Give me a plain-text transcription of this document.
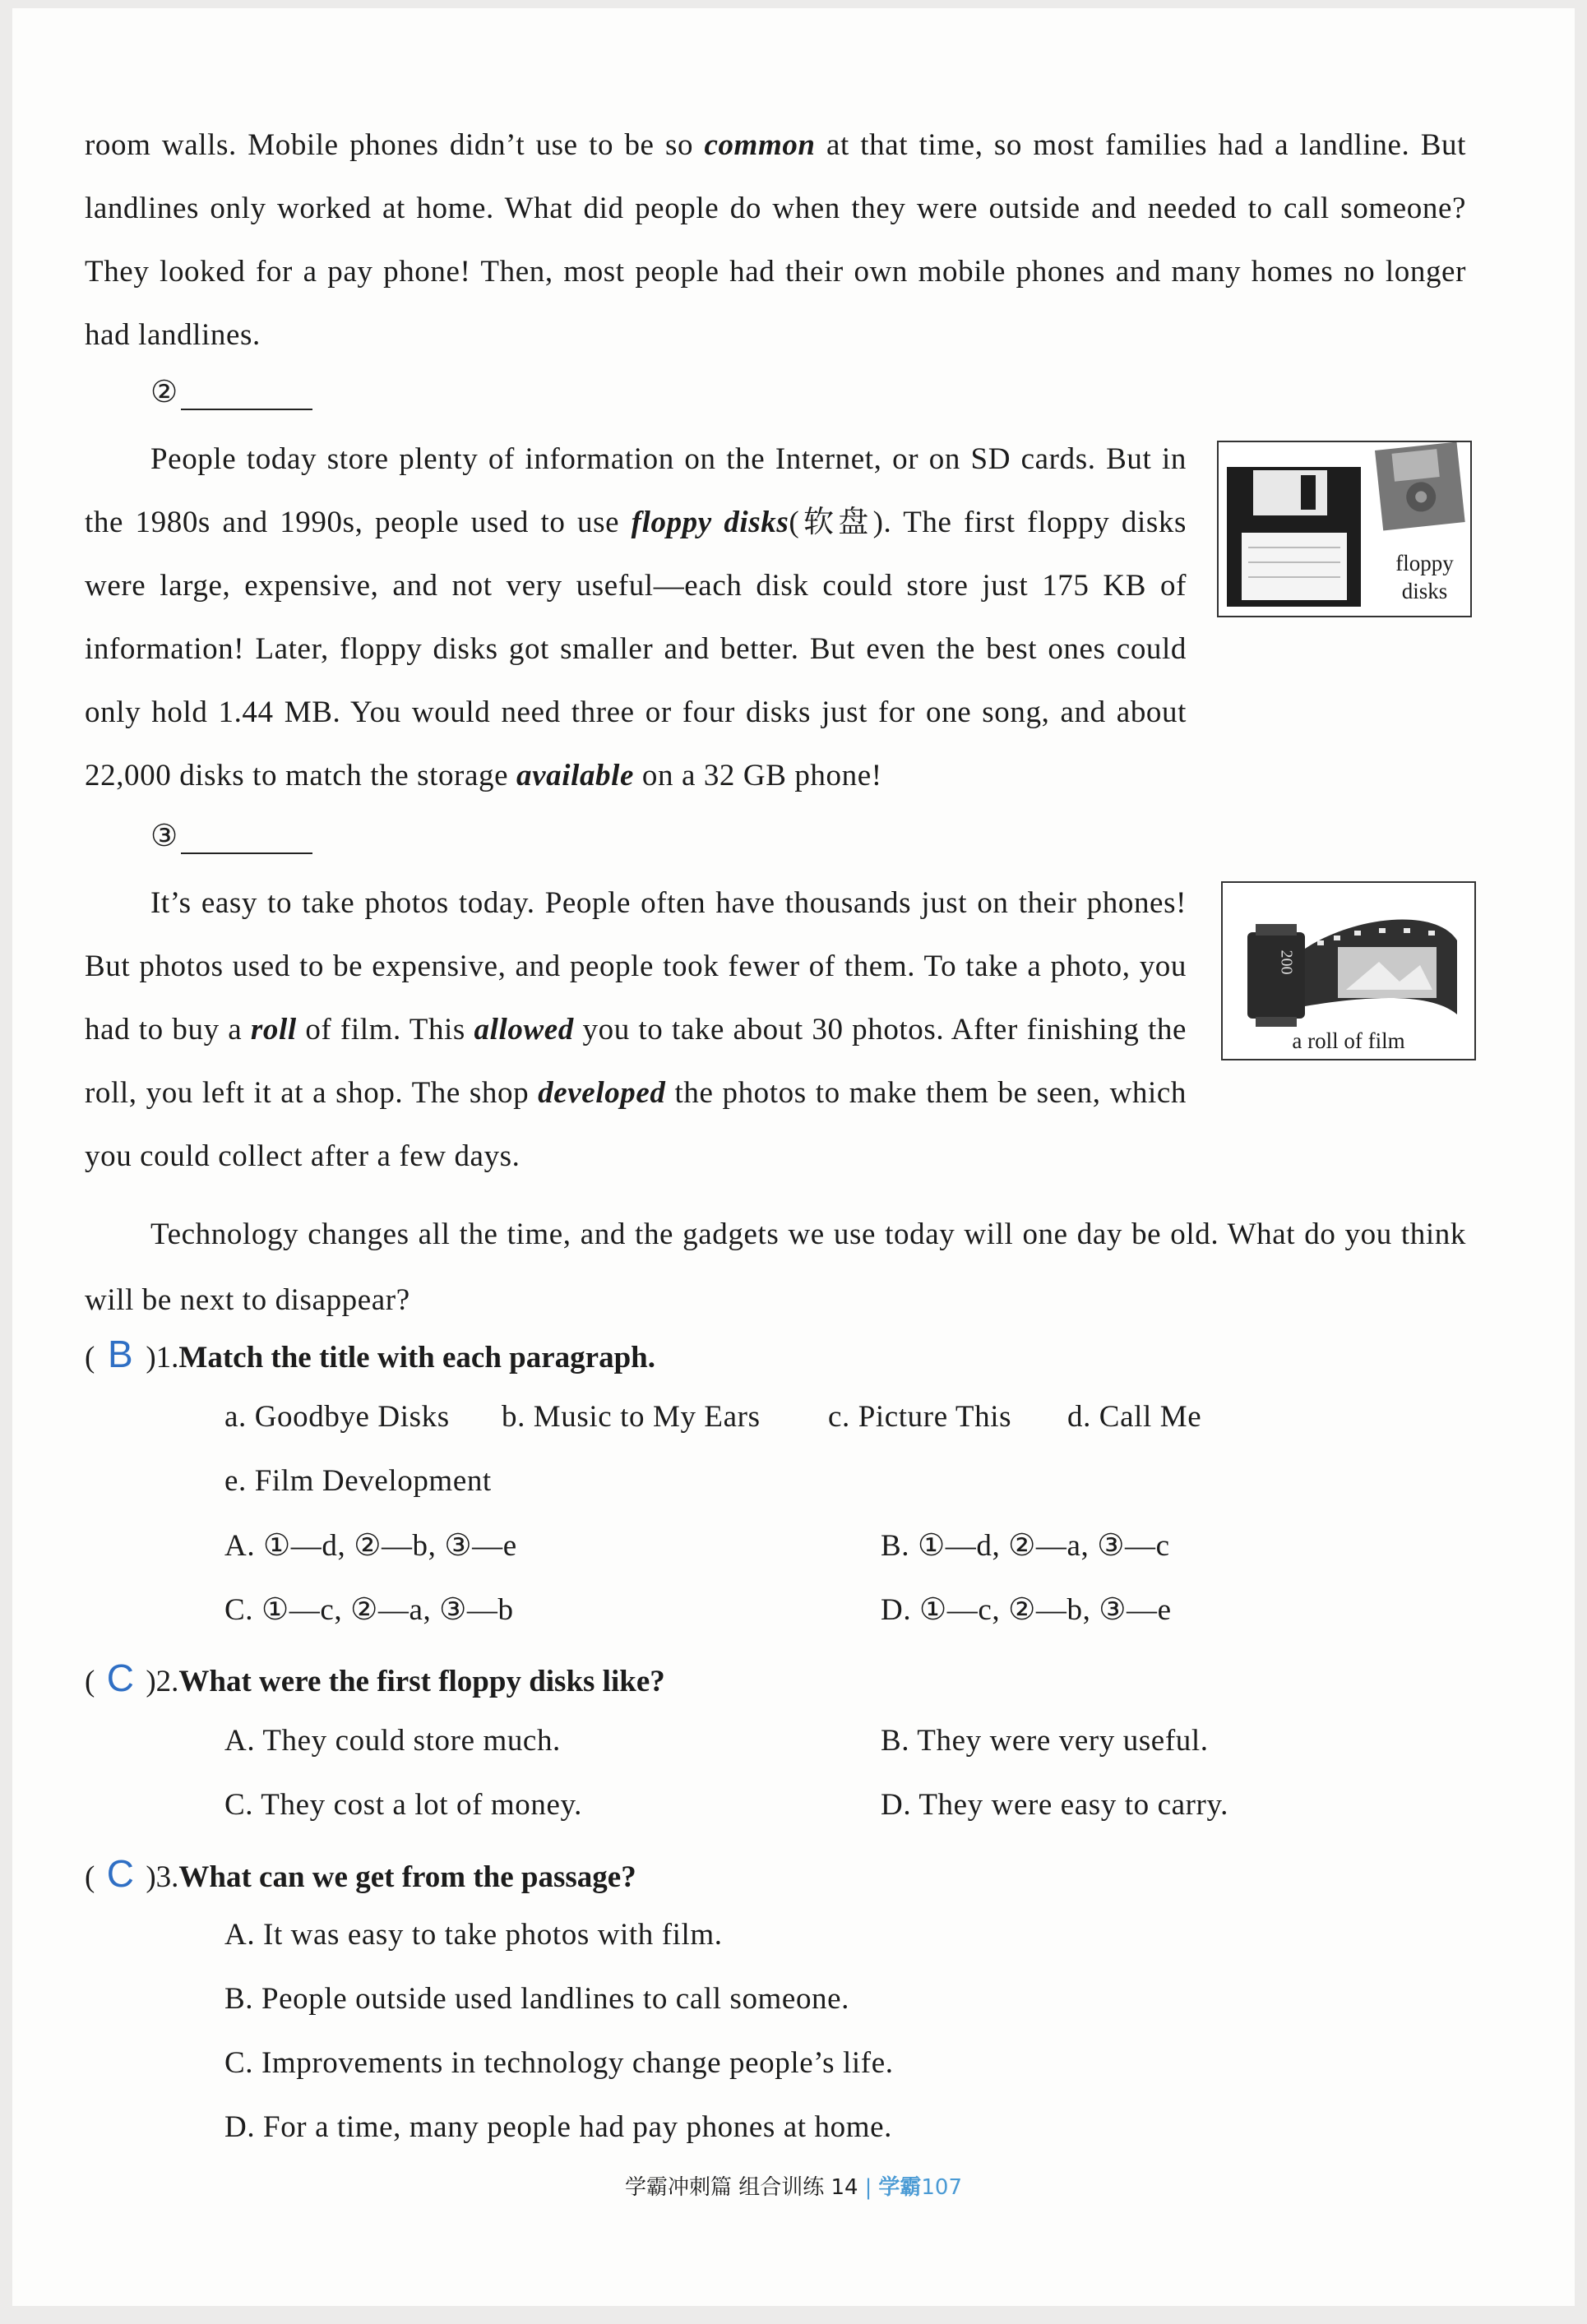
room walls. Mobile phones didn’t use to be so common at that time, so most families had a landline. But landlines only worked at home. What did people do when they were outside and needed to call someone? They looked for a pay phone! Then, most people had their own mobile phones and many homes no longer had landlines.
②
People today store plenty of information on the Internet, or on SD cards. But in the 1980s and 1990s, people used to use floppy disks(软盘). The first floppy disks were large, expensive, and not very useful—each disk could store just 175 KB of information! Later, floppy disks got smaller and better. But even the best ones could only hold 1.44 MB. You would need three or four disks just for one song, and about 22,000 disks to match the storage available on a 32 GB phone!
floppy disks
③
It’s easy to take photos today. People often have thousands just on their phones! But photos used to be expensive, and people took fewer of them. To take a photo, you had to buy a roll of film. This allowed you to take about 30 photos. After finishing the roll, you left it at a shop. The shop developed the photos to make them be seen, which you could collect after a few days.
200
a roll of film
Technology changes all the time, and the gadgets we use today will one day be old. What do you think will be next to disappear?
( B )1.Match the title with each paragraph.
a. Goodbye Disks b. Music to My Ears c. Picture This d. Call Me
e. Film Development
A. ①—d, ②—b, ③—e	B. ①—d, ②—a, ③—c
C. ①—c, ②—a, ③—b	D. ①—c, ②—b, ③—e
( C )2.What were the first floppy disks like?
A. They could store much.	B. They were very useful.
C. They cost a lot of money.	D. They were easy to carry.
( C )3.What can we get from the passage?
A. It was easy to take photos with film.
B. People outside used landlines to call someone.
C. Improvements in technology change people’s life.
D. For a time, many people had pay phones at home.
学霸冲刺篇 组合训练 14 | 学霸107
